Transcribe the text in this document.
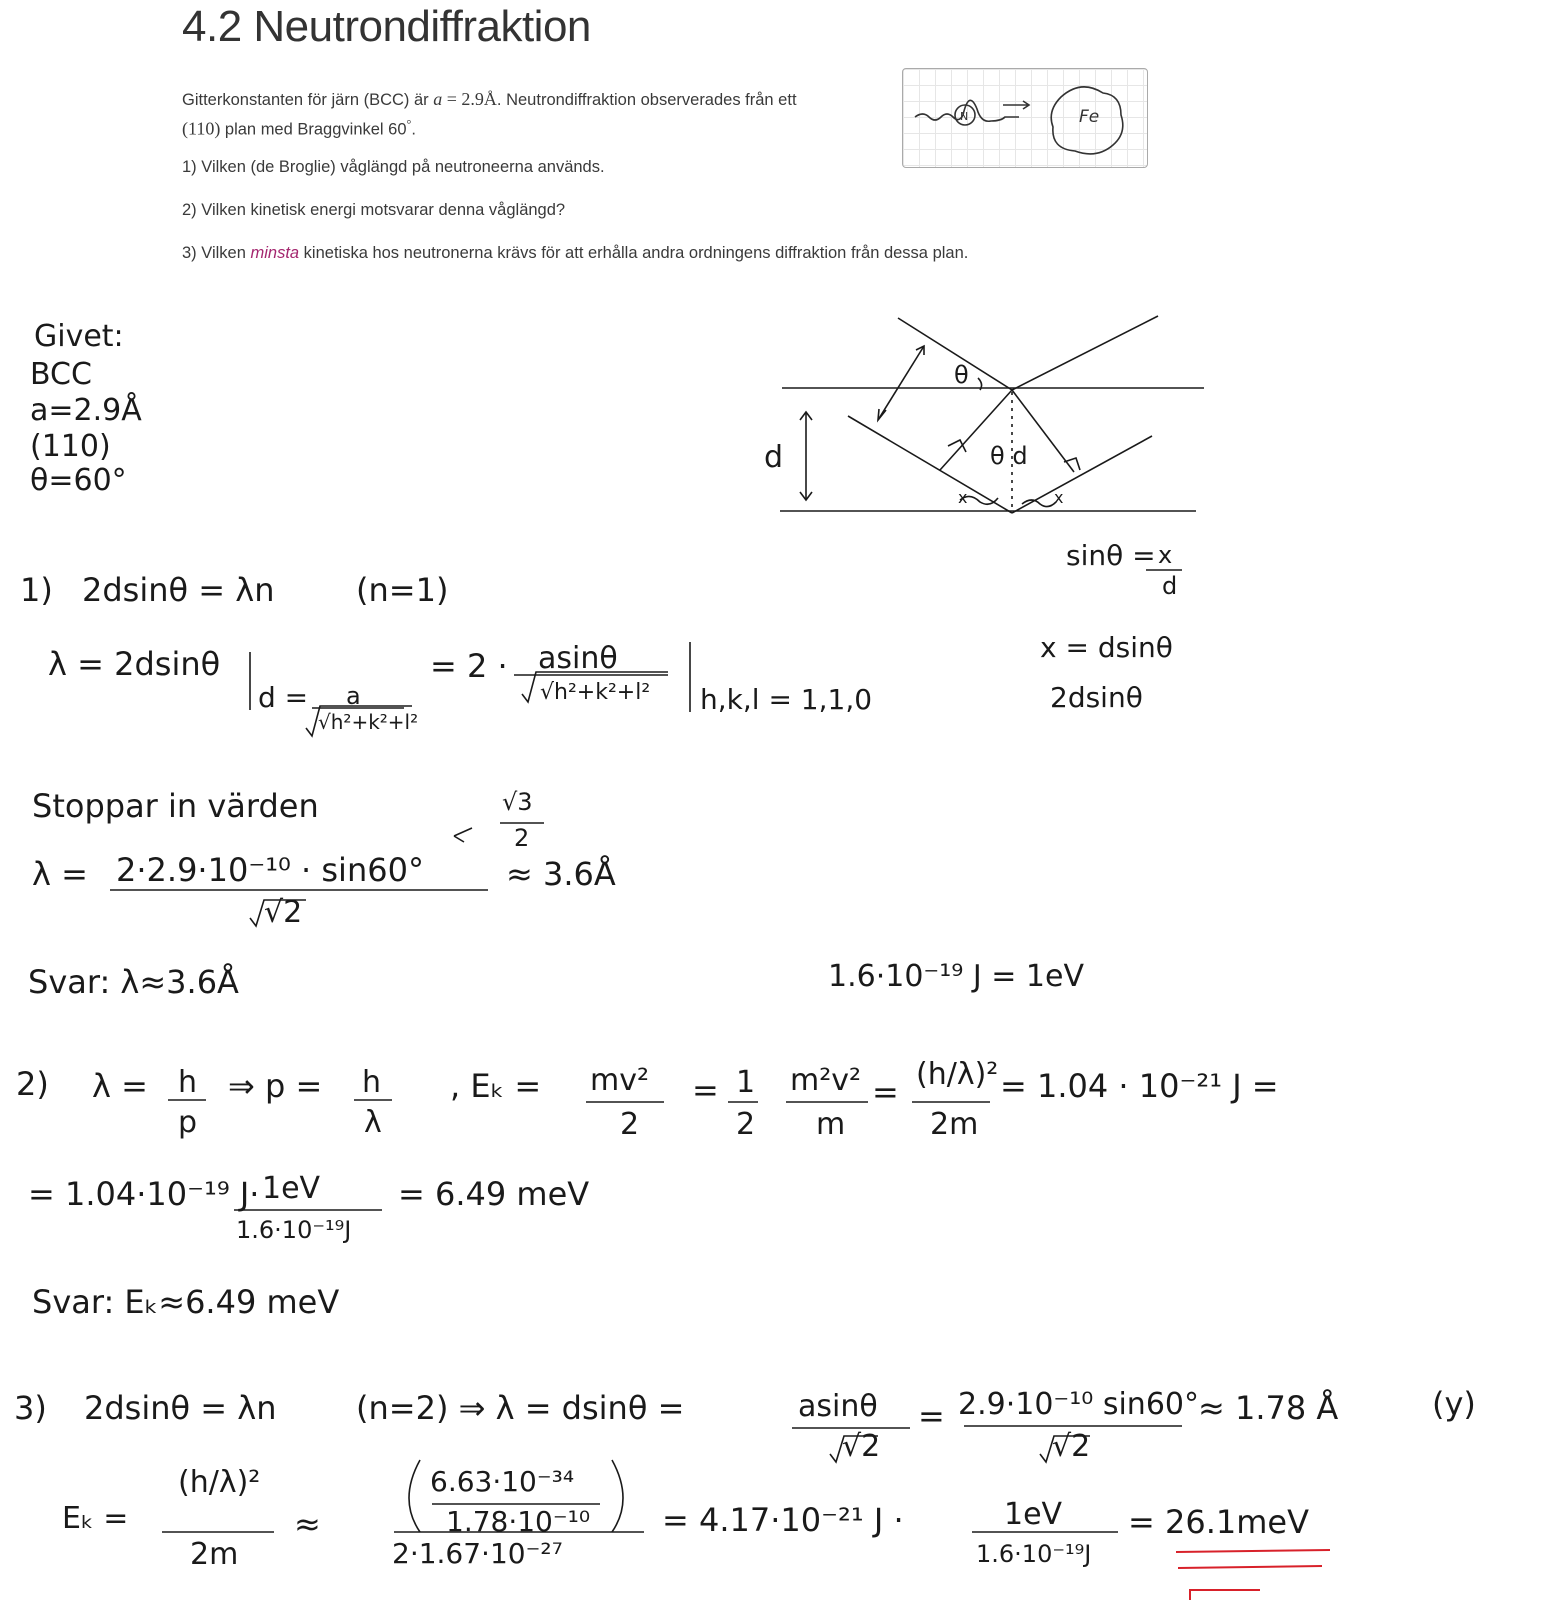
4.2 Neutrondiffraktion
Gitterkonstanten för järn (BCC) är a = 2.9Å. Neutrondiffraktion observerades från ett
(110) plan med Braggvinkel 60°.
1) Vilken (de Broglie) våglängd på neutroneerna används.
2) Vilken kinetisk energi motsvarar denna våglängd?
3) Vilken minsta kinetiska hos neutronerna krävs för att erhålla andra ordningens diffraktion från dessa plan.
N	Fe
Givet:
BCC
a=2.9Å
(110)
θ=60°
θ
d	θ d
x	x
sinθ = x
d
x = dsinθ
2dsinθ
1) 2dsinθ = λn	(n=1)
λ = 2dsinθ
d = a
√h²+k²+l²
= 2 · asinθ
√h²+k²+l² h,k,l = 1,1,0
Stoppar in värden	√3
2
λ = 2·2.9·10⁻¹⁰ · sin60°
√2
≈ 3.6Å
Svar: λ≈3.6Å	1.6·10⁻¹⁹ J = 1eV
2) λ = h
p
⇒ p = h
λ
, Eₖ = mv²
2
= 1
2
m²v²
m
= (h/λ)²
2m
= 1.04 · 10⁻²¹ J =
= 1.04·10⁻¹⁹ J· 1eV
1.6·10⁻¹⁹J
= 6.49 meV
Svar: Eₖ≈6.49 meV
3) 2dsinθ = λn (n=2) ⇒ λ = dsinθ =	asinθ
√2
= 2.9·10⁻¹⁰ sin60°
√2
≈ 1.78 Å	(y)
Eₖ =
(h/λ)²
2m
≈
6.63·10⁻³⁴
1.78·10⁻¹⁰
2·1.67·10⁻²⁷
= 4.17·10⁻²¹ J ·	1eV
1.6·10⁻¹⁹J
= 26.1meV
